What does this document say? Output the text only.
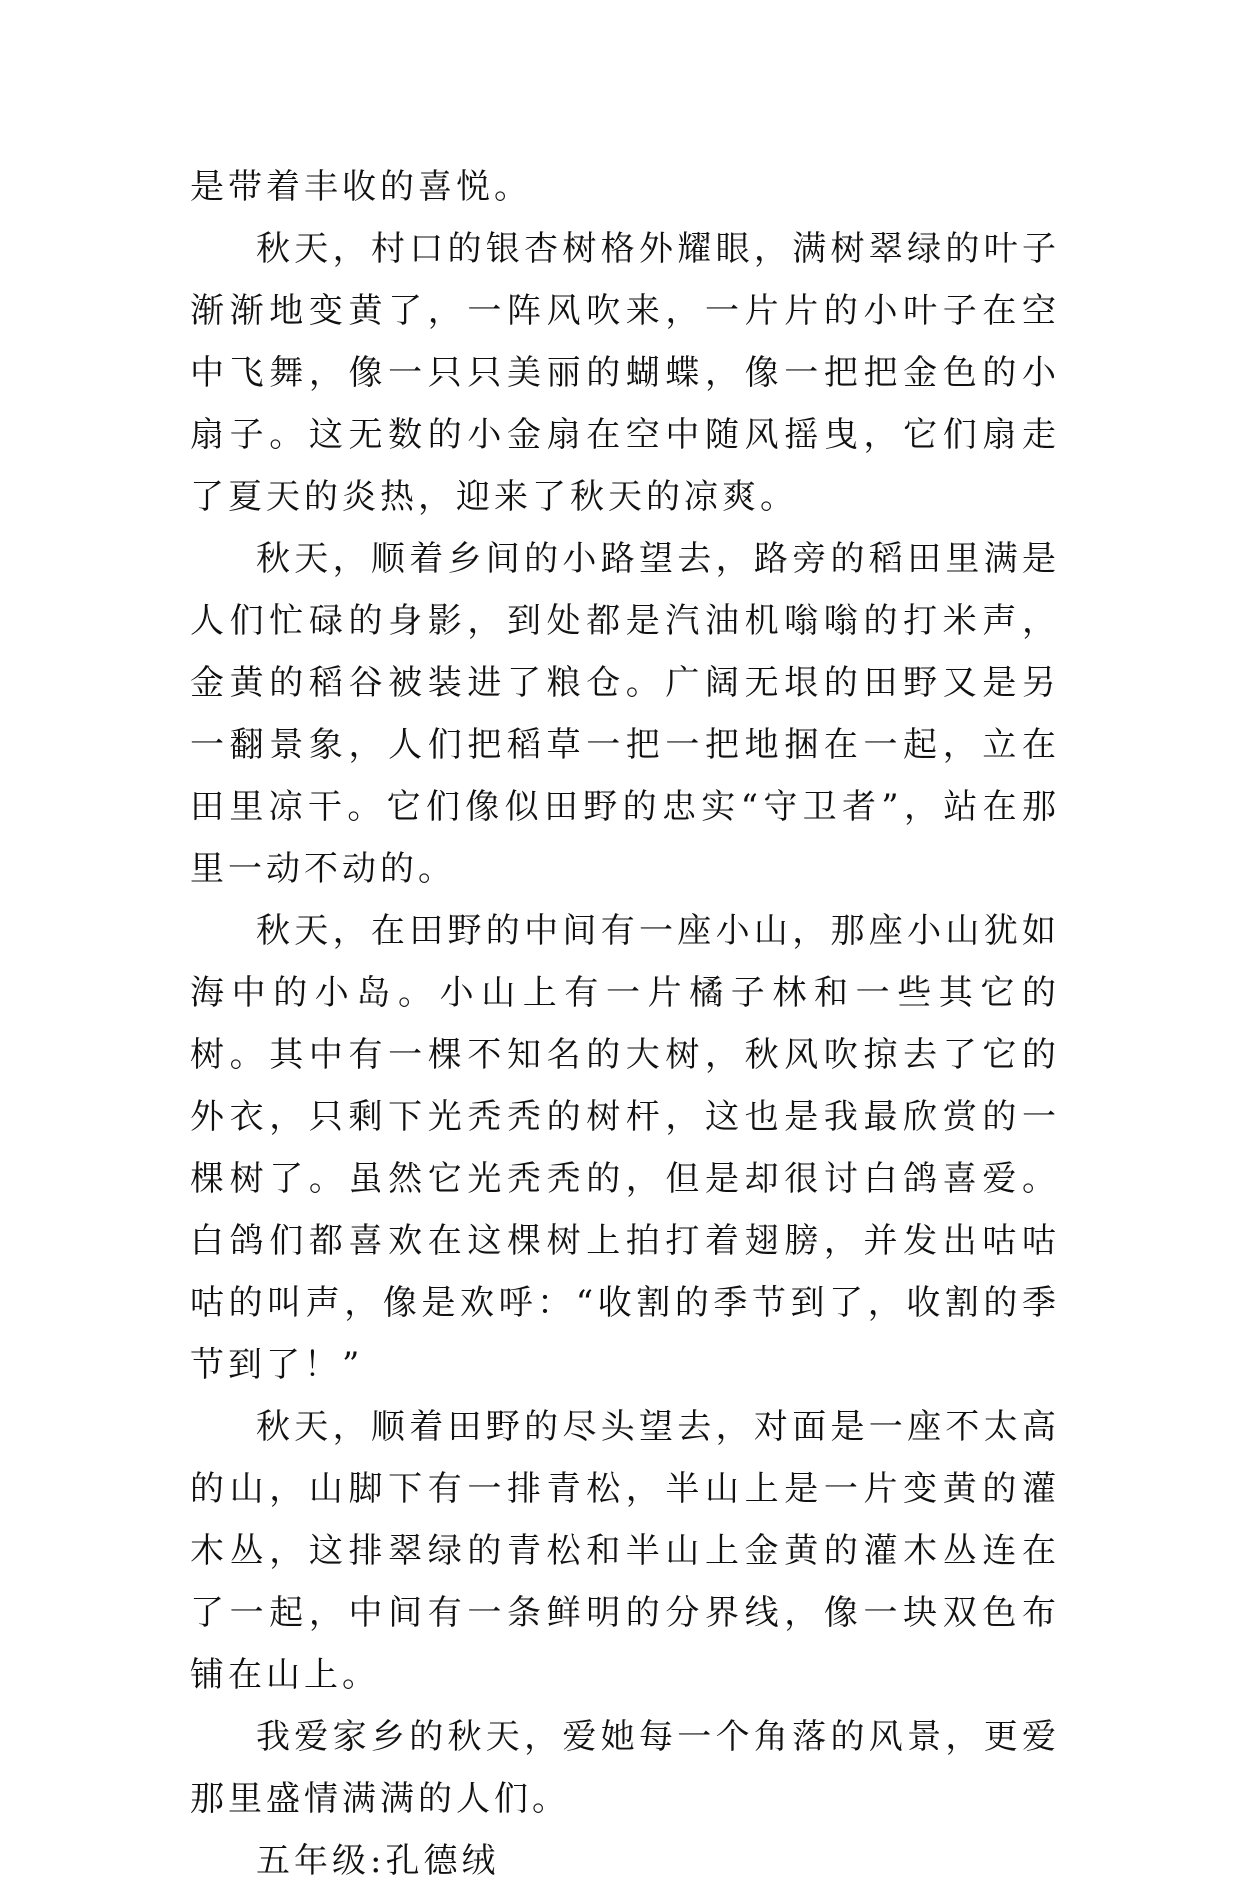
是带着丰收的喜悦。

秋天，村口的银杏树格外耀眼，满树翠绿的叶子渐渐地变黄了，一阵风吹来，一片片的小叶子在空中飞舞，像一只只美丽的蝴蝶，像一把把金色的小扇子。这无数的小金扇在空中随风摇曳，它们扇走了夏天的炎热，迎来了秋天的凉爽。

秋天，顺着乡间的小路望去，路旁的稻田里满是人们忙碌的身影，到处都是汽油机嗡嗡的打米声，金黄的稻谷被装进了粮仓。广阔无垠的田野又是另一翻景象，人们把稻草一把一把地捆在一起，立在田里凉干。它们像似田野的忠实“守卫者”，站在那里一动不动的。

秋天，在田野的中间有一座小山，那座小山犹如海中的小岛。小山上有一片橘子林和一些其它的树。其中有一棵不知名的大树，秋风吹掠去了它的外衣，只剩下光秃秃的树杆，这也是我最欣赏的一棵树了。虽然它光秃秃的，但是却很讨白鸽喜爱。白鸽们都喜欢在这棵树上拍打着翅膀，并发出咕咕咕的叫声，像是欢呼：“收割的季节到了，收割的季节到了！”

秋天，顺着田野的尽头望去，对面是一座不太高的山，山脚下有一排青松，半山上是一片变黄的灌木丛，这排翠绿的青松和半山上金黄的灌木丛连在了一起，中间有一条鲜明的分界线，像一块双色布铺在山上。

我爱家乡的秋天，爱她每一个角落的风景，更爱那里盛情满满的人们。

五年级:孔德绒
